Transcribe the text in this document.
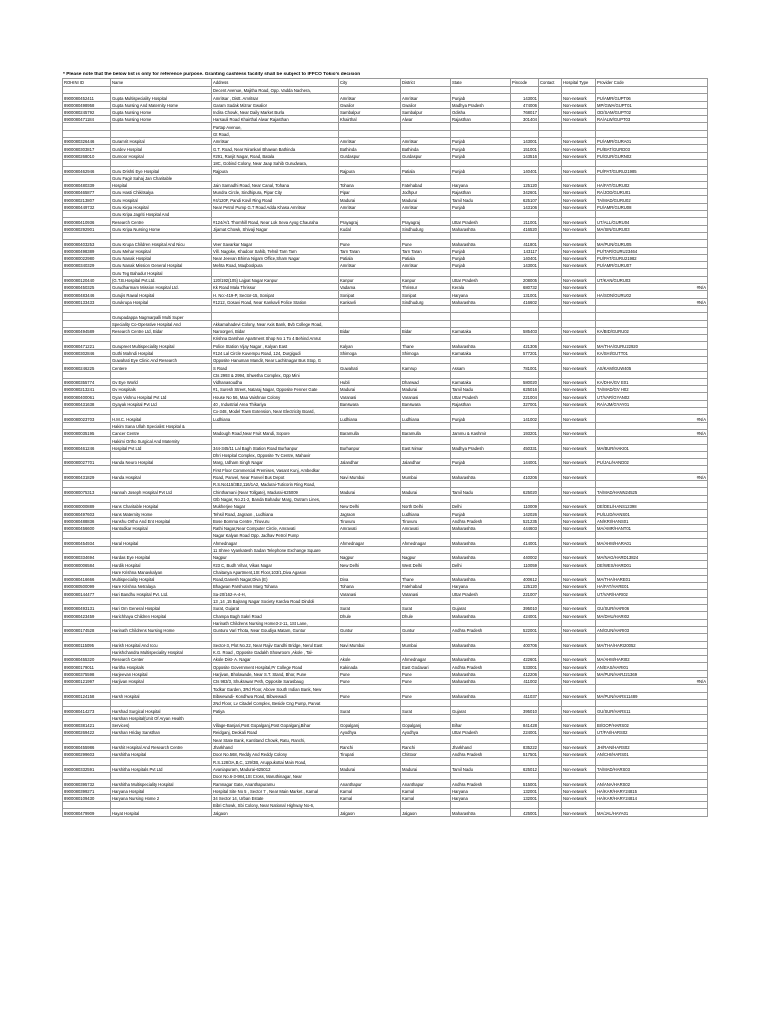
* Please note that the below list is only for reference purpose. Granting cashless facility shall be subject to IFFCO Tokio's decision
ROHINI ID	Name	Address	City	District	State	Pincode	Contact	Hospital Type	Provider Code
		Decent Avenue, Majitha Road, Opp. Vadda Nachera,							
8900080452411	Gupta Multispeciality Hospital	Amritsar , Distt. Amritsar	Amritsar	Amritsar	Punjab	143001		Non-network	PU/AMR/GUPT06
8900080498958	Gupta Nursing And Maternity Home	Garam Sadak Mizrar Gwalior	Gwalior	Gwalior	Madhya Pradesh	474006		Non-network	MP/GWA/GUPT01
8900080245792	Gupta Nursing Home	Indira Chowk, Near Daily Market Burla	Sambalpur	Sambalpur	Odisha	768017		Non-network	OD/SAM/GUPT02
8900080471184	Gupta Nursing Home	Harsauli Road Khairthal Alwar Rajasthan	Khairthal	Alwar	Rajasthan	301404		Non-network	RA/ALW/GUPT03
		Partap Avenue,							
		Gt Road,							
8900080326446	Guramrit Hospital	Amritsar	Amritsar	Amritsar	Punjab	143001		Non-network	PU/AMR/GURA01
8900080303817	Gurdev Hospital	G.T. Road, Near Nirankari Bhawan Bathinda	Bathinda	Bathinda	Punjab	151001		Non-network	PU/BAT/GURD03
8900080268010	Gurnoor Hospital	#291, Ranjit Nagar, Road, Batala	Gurdaspur	Gurdaspur	Punjab	143516		Non-network	PU/GUR/GURN02
		18C, Gobind Colony, Near Jaap Sahib Gurudwara,							
8900080462946	Guru Drishti Eye Hospital	Rajpura	Rajpura	Patiala	Punjab	140401		Non-network	PU/PAT/GURU21985
	Guru Fagir Sahaj Jan Charitable								
8900080480339	Hospital	Jain Samadhi Road, Near Canal, Tohana	Tohana	Fatehabad	Haryana	125120		Non-network	HA/FAT/GURU02
8900080465877	Guru Hasti Chikitsalya	Mundra Circle, Sindhipura, Pipar City	Pipar	Jodhpur	Rajasthan	342601		Non-network	RA/JOD/GURU01
8900080213807	Guru Hospital	#4/120F, Pandi Kovil Ring Road	Madurai	Madurai	Tamil Nadu	625107		Non-network	TA/MAD/GURU02
8900080449732	Guru Kirpa Hospital	Near Petrol Pump G.T Road Adda Khasa Amritsar	Amritsar	Amritsar	Punjab	143106		Non-network	PU/AMR/GURU08
	Guru Kripa Jagriti Hospital And								
8900080410936	Research Centre	#124/A/1 Thornhill Road, Near Lok Seva Ayog Chauraha	Prayagraj	Prayagraj	Uttar Pradesh	211001		Non-network	UT/ALL/GURU04
8900080292901	Guru Kripa Nursing Home	Jijamat Chowk, Shivaji Nagar	Kudal	Sindhudurg	Maharashtra	416520		Non-network	MA/SIN/GURU03

8900080403253	Guru Krupa Children Hospital And Nicu	Veer Savarkar Nagar	Pune	Pune	Maharashtra	411801		Non-network	MA/PUN/GURU05
8900080498389	Guru Mehar Hospital	Vill. Nagoke, Khadoor Sahib, Tehsil Tarn Tarn	Tarn Taran	Tarn Taran	Punjab	143117		Non-network	PU/TAR/GURU23464
8900080022980	Guru Nanak Hospital	Near Jeevan Bhima Nigam Office,Sham Nagar	Patiala	Patiala	Punjab	140401		Non-network	PU/PAT/GURU21982
8900080340329	Guru Nanak Mission General Hospital	Mehta Road, Maqboolpura	Amritsar	Amritsar	Punjab	143001		Non-network	PU/AMR/GURU07
	Guru Teg Bahadur Hospital								
8900080120440	(G.T.B.Hospital Pvt.Ltd.	120/192(105) Lajpat Nagar Kanpur	Kanpur	Kanpur	Uttar Pradesh	208005		Non-network	UT/KAN/GURU03
8900080450325	Gurudharmam Mission Hospital Ltd.	Kk Road Mala Thrissur	Vadama	Thrissur	Kerala	680732		Non-network	#N/A
8900080483446	Gurujis Rawal Hospital	H. No:-419-P, Sector-15, Sonipat	Sonipat	Sonipat	Haryana	131001		Non-network	HA/SON/GURU02
8900080133433	Gurukrupa Hospital	#1212, Gosavi Road, Near Kankavli Police Station	Kankavli	Sindhudurg	Maharashtra	416602		Non-network	#N/A

	Gurupadappa Nagmarpalli Multi Super								
	Speciality Co-Operative Hospital And	Akkamahadevi Colony, Near Axis Bank, Bvb College Road,							
8900080494589	Research Centre Ltd, Bidar	Naroorgeri, Bidar	Bidar	Bidar	Karnataka	585403		Non-network	KA/BID/GURU02
		Krishna Darshan Apartment Shop No 1 To 4 Behind Amrut							
8900080471221	Gurupreet Multispeciality Hospital	Police Station Vijay Nagar , Kalyan East	Kalyan	Thane	Maharashtra	421306		Non-network	MA/THA/GURU22920
8900080302846	Guthi Mahndi Hospital	#124 Lal Circle Kuvempu Road, 124, Durgigudi	Shimoga	Shimoga	Karnataka	577201		Non-network	KA/SHI/GUTT01
	Guwahati Eye Clinic And Research	Opposite Hanuman Mandir, Near Lachitnagar Bus Stop, G							
8900080246225	Centere	S Road	Guwahati	Kamrup	Assam	781001		Non-network	AS/KAM/GUW405
		Cts 2993 & 2994, Shwetha Complex, Opp Mini							
8900080355774	Gv Eye World	Vidhanasoudha	Hubli	Dharwad	Karnataka	580020		Non-network	KA/DHA/GV E01
8900080213241	Gv Hospitals	#1, Suresh Street, Nataraj Nagar, Opposite Fenner Gate	Madurai	Madurai	Tamil Nadu	625016		Non-network	TA/MAD/GV H02
8900080400061	Gyan Vishnu Hospital Pvt Ltd	House No 56, Maa Vaishnav Colony	Varanasi	Varanasi	Uttar Pradesh	221004		Non-network	UT/VAR/GYAN02
8900080431638	Gyayak Hospital Pvt Ltd	40 , Industrial Area Thikariya	Banswara	Banswara	Rajasthan	327001		Non-network	RA/AJM/GYAY01
		Cx-348, Model Town Extension, Near Electricity Board,							
8900080023703	H.M.C. Hospital	Ludhiana	Ludhiana	Ludhiana	Punjab	141002		Non-network	#N/A
	Hakim Sana Ullah Specialist Hospital &								
8900080035195	Cancer Centre	Madough Road,Near Fruit Mandi, Sopore	Baramulla	Baramulla	Jammu & Kashmir	193201		Non-network	#N/A
	Hakimi Ortho Surgical And Maternity								
8900080461246	Hospital Pvt Ltd	344-345/11 Lal Bagh Station Road Burhanpur	Burhanpur	East Nimar	Madhya Pradesh	450331		Non-network	MA/BUR/HAKI01
		Dhri Hospital Complex, Opposite Tv Centre, Mahavir							
8900080027701	Handa Neuro Hospital	Marg, Udham Singh Nagar	Jalandhar	Jalandhar	Punjab	144001		Non-network	PU/JAL/HAND02
		First Floor Commercial Premises, Vasant Kunj, Ambedkar							
8900080431829	Handa Hospital	Road, Panvel, Near Panvel Bus Depot	Navi Mumbai	Mumbai	Maharashtra	410206		Non-network	#N/A
		R.S.No115/3B2,116/1A2, Madurai-Tuticorin Ring Road,							
8900080075313	Hannah Joseph Hospital Pvt Ltd	Chinthamani (Near Tollgate), Madurai-625009	Madurai	Madurai	Tamil Nadu	625020		Non-network	TA/MAD/HANN24525
		Gtb Nagar, No.21-2, Banda Bahadur Marg, Outram Lines,							
8900080000889	Hans Charitable Hospital	Mukherjee Nagar	New Delhi	North Delhi	Delhi	110009		Non-network	DE/DEL/HANS12398
8900080497603	Hans Maternity Home	Tehsil Road, Jagraon , Ludhiana	Jagraon	Ludhiana	Punjab	142026		Non-network	PU/LUD/HANS01
8900080488836	Hanshu Ortho And Ent Hospital	Bose Bomma Centre ,Tiruvuru	Tiruvuru	Tiruvuru	Andhra Pradesh	521235		Non-network	AN/KRI/HANS01
8900080456600	Hantodkar Hospital	Rathi Nagar,Near Computer Circle, Amravati	Amravati	Amravati	Maharashtra	444603		Non-network	MA/AMR/HANT01
		Nagar Kalyan Road Opp. Jadhav Petrol Pump							
8900080454934	Haral Hospital	Ahmednagar	Ahmednagar	Ahmednagar	Maharashtra	414001		Non-network	MA/AHM/HARA01
		11 Shree Vyankatesh Sadan Telephone Exchange Square							
8900080334694	Hardas Eye Hospital	Nagpur	Nagpur	Nagpur	Maharashtra	440002		Non-network	MA/NAG/HARD13824
8900080006584	Hardik Hospital	#23 C, Budh Vihar, Vikas Nagar	New Delhi	West Delhi	Delhi	110059		Non-network	DE/WES/HARD01
	Hare Krishna Manavkalyan	Chaitanya Apartment,1St Floor,103/1,Diva Agason							
8900080416666	Multispeciality Hospital	Road,Ganesh Nagar,Diva (E)	Diva	Thane	Maharashtra	400612		Non-network	MA/THA/HARE01
8900080500099	Hare Krishna Netralaya	Bhagwan Parshuram Marg Tohana	Tohana	Fatehabad	Haryana	125120		Non-network	HA/FAT/HARE01
8900080144477	Hari Bandhu Hospital Pvt. Ltd.	Sa-20/162-A-4-H,	Varanasi	Varanasi	Uttar Pradesh	221007		Non-network	UT/VAR/HARI02
		13 ,14 ,15 Bajrang Nagar Society Kardva Road Dindoli							
8900080493131	Hari Om General Hospital	Surat, Gujarat	Surat	Surat	Gujarat	395010		Non-network	GU/SUR/HARI06
8900080423459	Harichhaya Children Hospital	Champa Bagh Sakri Road	Dhule	Dhule	Maharashtra	424001		Non-network	MA/DHU/HARI02
		Harinath Childrens Nursing Home3-2-11, 1St Lane,							
8900080174528	Harinath Childrens Nursing Home	Gunturu Vari Thota, Near Goudiya Matam, Guntur	Guntur	Guntur	Andhra Pradesh	522001		Non-network	AN/GUN/HARI03

8900080115095	Harish Hospital And Iccu	Sector-3, Plot No.22, Near Rajiv Gandhi Bridge, Nerul East	Navi Mumbai	Mumbai	Maharashtra	400706		Non-network	MA/THA/HARI20052
	Harishchandra Multispeciality Hospital	K.G. Road , Opposite Gadakh Showroom ,Akole , Tal-							
8900080455320	Research Center	Akole Dist- A. Nagar	Akole	Ahmednagar	Maharashtra	422601		Non-network	MA/AHM/HARI02
8900080179011	Haritha Hospitals	Opposite Government Hospital,Pr College Road	Kakinada	East Godavari	Andhra Pradesh	533001		Non-network	AN/EAS/HARI01
8900080375598	Harjeevan Hospital	Harjivan, Bholawade, Near S.T. Stand, Bhor, Pune	Pune	Pune	Maharashtra	412206		Non-network	MA/PUN/HARJ21369
8900080121997	Harjivan Hospital	Cts 983/3, Shukrawar Peth, Opposite Sarasbaug	Pune	Pune	Maharashtra	411002		Non-network	#N/A
		Todkar Garden, 3Rd Floor, Above South Indian Bank, New							
8900080124158	Harsh Hospital	Bibwewadi- Kondhwa Road, Bibwewadi	Pune	Pune	Maharashtra	411037		Non-network	MA/PUN/HARS11489
		2Nd Floor, Lv Citadel Complex, Beside Cng Pump, Parvat							
8900080414273	Harshad Surgical Hospital	Patiya	Surat	Surat	Gujarat	395010		Non-network	GU/SUR/HARS11
	Harshan Hospital(Unit Of Aryan Health								
8900080381421	Services)	Village-Banjari,Post Gopalganj,Post Gopalganj,Bihar	Gopalganj	Gopalganj	Bihar	841428		Non-network	BI/GOP/HARS02
8900080269422	Harshan Hriday Sansthan	Reidganj, Deokali Road	Ayodhya	Ayodhya	Uttar Pradesh	224001		Non-network	UT/FAI/HARS02
		Near State Bank, Kantitand Chowk, Ratu, Ranchi,							
8900080455986	Harshit Hospital And Research Centre	Jharkhand	Ranchi	Ranchi	Jharkhand	835222		Non-network	JH/RAN/HARS02
8900080299603	Harshitha Hospital	Door No.568, Reddy And Reddy Colony	Tirupati	Chittoor	Andhra Pradesh	517501		Non-network	AN/CHI/HARS01
		R.S.128/3A,B,C, 129/3B, Aruppukottai Main Road,							
8900080332591	Harshitha Hospitals Pvt Ltd	Avaniapuram, Madurai-625012	Madurai	Madurai	Tamil Nadu	625012		Non-network	TA/MAD/HARS03
		Door No.6-3-984,1St Cross, Maruthinagar, Near							
8900080395732	Harshitha Multispeciality Hospital	Ramnagar Gate, Ananthapuramu	Ananthapur	Ananthapur	Andhra Pradesh	515001		Non-network	AN/ANA/HARS02
8900080399271	Haryana Hospital	Hospital Site No 5 , Sector 7 , Near Main Market , Karnal	Karnal	Karnal	Haryana	132001		Non-network	HA/KAR/HARY24815
8900080109430	Haryana Nursing Home 2	34 Sector 14, Urban Estate	Karnal	Karnal	Haryana	132001		Non-network	HA/KAR/HARY24814
		Bibri Chowk, Sbi Colony, Near National Highway No-6,							
8900080479909	Hayat Hospital	Jalgaon	Jalgaon	Jalgaon	Maharashtra	425001		Non-network	MA/JAL/HAYA01
